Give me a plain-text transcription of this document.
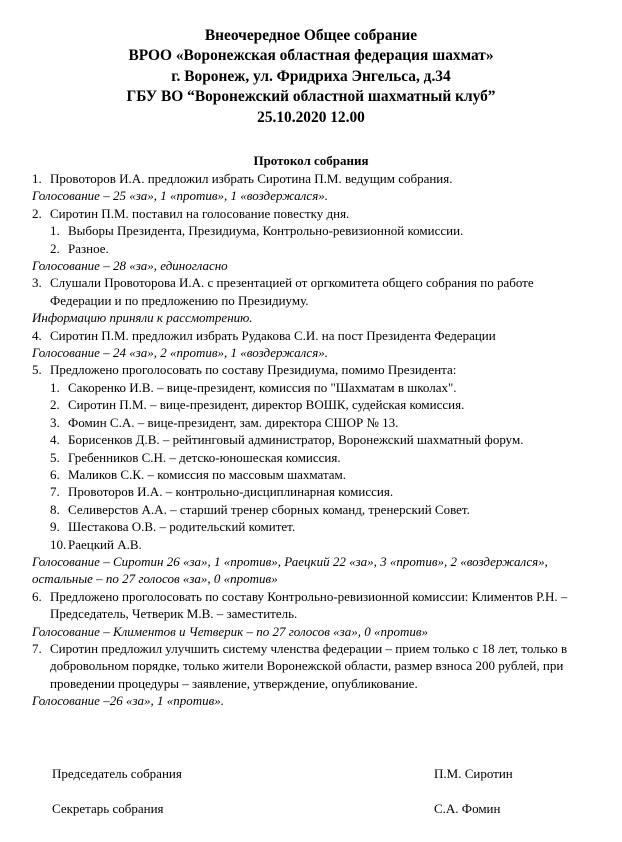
Внеочередное Общее собрание
ВРОО «Воронежская областная федерация шахмат»
г. Воронеж, ул. Фридриха Энгельса, д.34
ГБУ ВО “Воронежский областной шахматный клуб”
25.10.2020 12.00
Протокол собрания
1. Провоторов И.А. предложил избрать Сиротина П.М. ведущим собрания.
Голосование – 25 «за», 1 «против», 1 «воздержался».
2. Сиротин П.М. поставил на голосование повестку дня.
1. Выборы Президента, Президиума, Контрольно-ревизионной комиссии.
2. Разное.
Голосование – 28 «за», единогласно
3. Слушали Провоторова И.А. с презентацией от оргкомитета общего собрания по работе Федерации и по предложению по Президиуму.
Информацию приняли к рассмотрению.
4. Сиротин П.М. предложил избрать Рудакова С.И. на пост Президента Федерации
Голосование – 24 «за», 2 «против», 1 «воздержался».
5. Предложено проголосовать по составу Президиума, помимо Президента:
1. Сакоренко И.В. – вице-президент, комиссия по "Шахматам в школах".
2. Сиротин П.М. – вице-президент, директор ВОШК, судейская комиссия.
3. Фомин С.А. – вице-президент, зам. директора СШОР № 13.
4. Борисенков Д.В. – рейтинговый администратор, Воронежский шахматный форум.
5. Гребенников С.Н. – детско-юношеская комиссия.
6. Маликов С.К. – комиссия по массовым шахматам.
7. Провоторов И.А. – контрольно-дисциплинарная комиссия.
8. Селиверстов А.А. – старший тренер сборных команд, тренерский Совет.
9. Шестакова О.В. – родительский комитет.
10. Раецкий А.В.
Голосование – Сиротин 26 «за», 1 «против», Раецкий 22 «за», 3 «против», 2 «воздержался», остальные – по 27 голосов «за», 0 «против»
6. Предложено проголосовать по составу Контрольно-ревизионной комиссии: Климентов Р.Н. – Председатель, Четверик М.В. – заместитель.
Голосование – Климентов и Четверик – по 27 голосов «за», 0 «против»
7. Сиротин предложил улучшить систему членства федерации – прием только с 18 лет, только в добровольном порядке, только жители Воронежской области, размер взноса 200 рублей, при проведении процедуры – заявление, утверждение, опубликование.
Голосование –26 «за», 1 «против».
Председатель собрания	П.М. Сиротин
Секретарь собрания	С.А. Фомин
